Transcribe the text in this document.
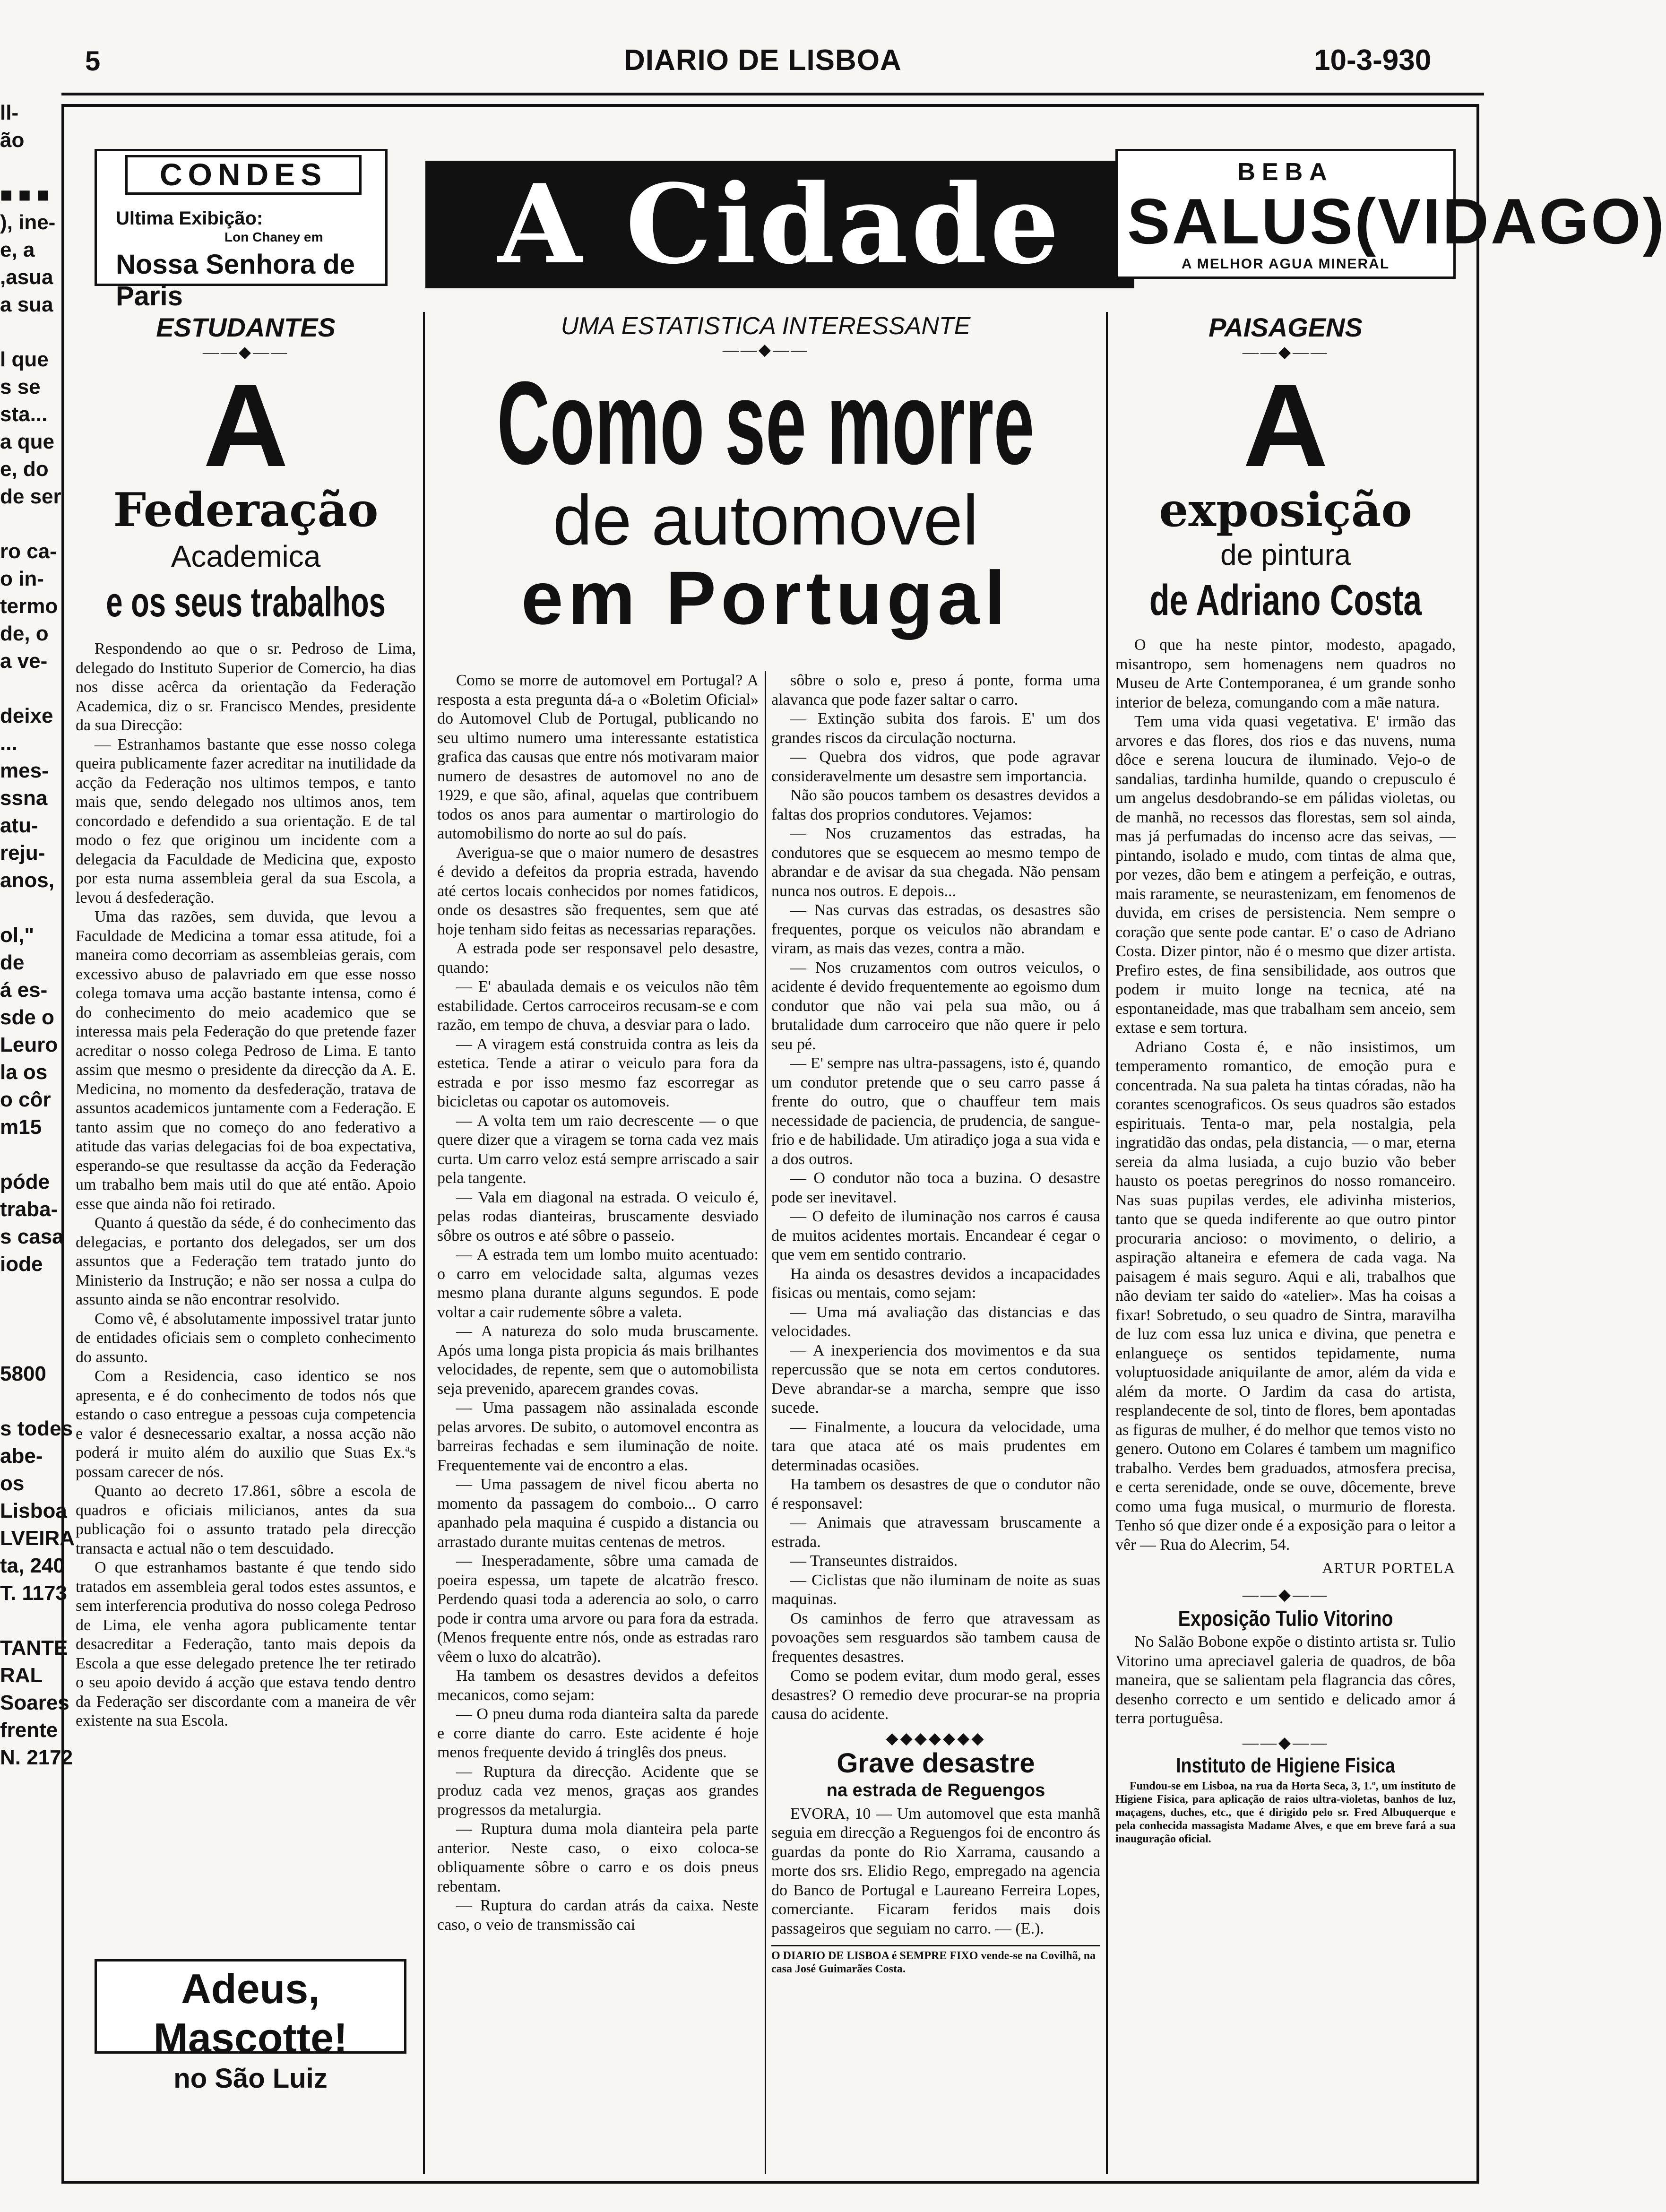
5	DIARIO DE LISBOA	10-3-930
ll-
ão

■ ■ ■
), ine-
e, a
,asua
a sua

l que
s se
sta...
a que
e, do
de ser

ro ca-
o in-
termo
de, o
a ve-

deixe
...
mes-
ssna
atu-
reju-
anos,

ol,"
de
á es-
sde o
Leuro
la os
o côr
m15

póde
traba-
s casa
iode

5800

s todes
abe-
os
Lisboa
LVEIRA
ta, 240
T. 1173

TANTE
RAL
Soares
frente
N. 2172
CONDES
Ultima Exibição:
Lon Chaney em
Nossa Senhora de Paris
A Cidade	BEBA
SALUS(VIDAGO)
A MELHOR AGUA MINERAL
ESTUDANTES
——◆——
A
Federação
Academica
e os seus trabalhos

Respondendo ao que o sr. Pedroso de Lima, delegado do Instituto Superior de Comercio, ha dias nos disse acêrca da orientação da Federação Academica, diz o sr. Francisco Mendes, presidente da sua Direcção:

— Estranhamos bastante que esse nosso colega queira publicamente fazer acreditar na inutilidade da acção da Federação nos ultimos tempos, e tanto mais que, sendo delegado nos ultimos anos, tem concordado e defendido a sua orientação. E de tal modo o fez que originou um incidente com a delegacia da Faculdade de Medicina que, exposto por esta numa assembleia geral da sua Escola, a levou á desfederação.

Uma das razões, sem duvida, que levou a Faculdade de Medicina a tomar essa atitude, foi a maneira como decorriam as assembleias gerais, com excessivo abuso de palavriado em que esse nosso colega tomava uma acção bastante intensa, como é do conhecimento do meio academico que se interessa mais pela Federação do que pretende fazer acreditar o nosso colega Pedroso de Lima. E tanto assim que mesmo o presidente da direcção da A. E. Medicina, no momento da desfederação, tratava de assuntos academicos juntamente com a Federação. E tanto assim que no começo do ano federativo a atitude das varias delegacias foi de boa expectativa, esperando-se que resultasse da acção da Federação um trabalho bem mais util do que até então. Apoio esse que ainda não foi retirado.

Quanto á questão da séde, é do conhecimento das delegacias, e portanto dos delegados, ser um dos assuntos que a Federação tem tratado junto do Ministerio da Instrução; e não ser nossa a culpa do assunto ainda se não encontrar resolvido.

Como vê, é absolutamente impossivel tratar junto de entidades oficiais sem o completo conhecimento do assunto.

Com a Residencia, caso identico se nos apresenta, e é do conhecimento de todos nós que estando o caso entregue a pessoas cuja competencia e valor é desnecessario exaltar, a nossa acção não poderá ir muito além do auxilio que Suas Ex.ªs possam carecer de nós.

Quanto ao decreto 17.861, sôbre a escola de quadros e oficiais milicianos, antes da sua publicação foi o assunto tratado pela direcção transacta e actual não o tem descuidado.

O que estranhamos bastante é que tendo sido tratados em assembleia geral todos estes assuntos, e sem interferencia produtiva do nosso colega Pedroso de Lima, ele venha agora publicamente tentar desacreditar a Federação, tanto mais depois da Escola a que esse delegado pretence lhe ter retirado o seu apoio devido á acção que estava tendo dentro da Federação ser discordante com a maneira de vêr existente na sua Escola.

Adeus, Mascotte!
no São Luiz
UMA ESTATISTICA INTERESSANTE
——◆——
Como se morre
de automovel
em Portugal

Como se morre de automovel em Portugal? A resposta a esta pregunta dá-a o «Boletim Oficial» do Automovel Club de Portugal, publicando no seu ultimo numero uma interessante estatistica grafica das causas que entre nós motivaram maior numero de desastres de automovel no ano de 1929, e que são, afinal, aquelas que contribuem todos os anos para aumentar o martirologio do automobilismo do norte ao sul do país.

Averigua-se que o maior numero de desastres é devido a defeitos da propria estrada, havendo até certos locais conhecidos por nomes fatidicos, onde os desastres são frequentes, sem que até hoje tenham sido feitas as necessarias reparações.

A estrada pode ser responsavel pelo desastre, quando:

— E' abaulada demais e os veiculos não têm estabilidade. Certos carroceiros recusam-se e com razão, em tempo de chuva, a desviar para o lado.

— A viragem está construida contra as leis da estetica. Tende a atirar o veiculo para fora da estrada e por isso mesmo faz escorregar as bicicletas ou capotar os automoveis.

— A volta tem um raio decrescente — o que quere dizer que a viragem se torna cada vez mais curta. Um carro veloz está sempre arriscado a sair pela tangente.

— Vala em diagonal na estrada. O veiculo é, pelas rodas dianteiras, bruscamente desviado sôbre os outros e até sôbre o passeio.

— A estrada tem um lombo muito acentuado: o carro em velocidade salta, algumas vezes mesmo plana durante alguns segundos. E pode voltar a cair rudemente sôbre a valeta.

— A natureza do solo muda bruscamente. Após uma longa pista propicia ás mais brilhantes velocidades, de repente, sem que o automobilista seja prevenido, aparecem grandes covas.

— Uma passagem não assinalada esconde pelas arvores. De subito, o automovel encontra as barreiras fechadas e sem iluminação de noite. Frequentemente vai de encontro a elas.

— Uma passagem de nivel ficou aberta no momento da passagem do comboio... O carro apanhado pela maquina é cuspido a distancia ou arrastado durante muitas centenas de metros.

— Inesperadamente, sôbre uma camada de poeira espessa, um tapete de alcatrão fresco. Perdendo quasi toda a aderencia ao solo, o carro pode ir contra uma arvore ou para fora da estrada. (Menos frequente entre nós, onde as estradas raro vêem o luxo do alcatrão).

Ha tambem os desastres devidos a defeitos mecanicos, como sejam:

— O pneu duma roda dianteira salta da parede e corre diante do carro. Este acidente é hoje menos frequente devido á tringlês dos pneus.

— Ruptura da direcção. Acidente que se produz cada vez menos, graças aos grandes progressos da metalurgia.

— Ruptura duma mola dianteira pela parte anterior. Neste caso, o eixo coloca-se obliquamente sôbre o carro e os dois pneus rebentam.

— Ruptura do cardan atrás da caixa. Neste caso, o veio de transmissão cai

sôbre o solo e, preso á ponte, forma uma alavanca que pode fazer saltar o carro.

— Extinção subita dos farois. E' um dos grandes riscos da circulação nocturna.

— Quebra dos vidros, que pode agravar consideravelmente um desastre sem importancia.

Não são poucos tambem os desastres devidos a faltas dos proprios condutores. Vejamos:

— Nos cruzamentos das estradas, ha condutores que se esquecem ao mesmo tempo de abrandar e de avisar da sua chegada. Não pensam nunca nos outros. E depois...

— Nas curvas das estradas, os desastres são frequentes, porque os veiculos não abrandam e viram, as mais das vezes, contra a mão.

— Nos cruzamentos com outros veiculos, o acidente é devido frequentemente ao egoismo dum condutor que não vai pela sua mão, ou á brutalidade dum carroceiro que não quere ir pelo seu pé.

— E' sempre nas ultra-passagens, isto é, quando um condutor pretende que o seu carro passe á frente do outro, que o chauffeur tem mais necessidade de paciencia, de prudencia, de sangue-frio e de habilidade. Um atiradiço joga a sua vida e a dos outros.

— O condutor não toca a buzina. O desastre pode ser inevitavel.

— O defeito de iluminação nos carros é causa de muitos acidentes mortais. Encandear é cegar o que vem em sentido contrario.

Ha ainda os desastres devidos a incapacidades fisicas ou mentais, como sejam:

— Uma má avaliação das distancias e das velocidades.

— A inexperiencia dos movimentos e da sua repercussão que se nota em certos condutores. Deve abrandar-se a marcha, sempre que isso sucede.

— Finalmente, a loucura da velocidade, uma tara que ataca até os mais prudentes em determinadas ocasiões.

Ha tambem os desastres de que o condutor não é responsavel:

— Animais que atravessam bruscamente a estrada.

— Transeuntes distraidos.

— Ciclistas que não iluminam de noite as suas maquinas.

Os caminhos de ferro que atravessam as povoações sem resguardos são tambem causa de frequentes desastres.

Como se podem evitar, dum modo geral, esses desastres? O remedio deve procurar-se na propria causa do acidente.

◆◆◆◆◆◆◆
Grave desastre
na estrada de Reguengos
EVORA, 10 — Um automovel que esta manhã seguia em direcção a Reguengos foi de encontro ás guardas da ponte do Rio Xarrama, causando a morte dos srs. Elidio Rego, empregado na agencia do Banco de Portugal e Laureano Ferreira Lopes, comerciante. Ficaram feridos mais dois passageiros que seguiam no carro. — (E.).
O DIARIO DE LISBOA é SEMPRE FIXO vende-se na Covilhã, na casa José Guimarães Costa.
PAISAGENS
——◆——
A
exposição
de pintura
de Adriano Costa

O que ha neste pintor, modesto, apagado, misantropo, sem homenagens nem quadros no Museu de Arte Contemporanea, é um grande sonho interior de beleza, comungando com a mãe natura.

Tem uma vida quasi vegetativa. E' irmão das arvores e das flores, dos rios e das nuvens, numa dôce e serena loucura de iluminado. Vejo-o de sandalias, tardinha humilde, quando o crepusculo é um angelus desdobrando-se em pálidas violetas, ou de manhã, no recessos das florestas, sem sol ainda, mas já perfumadas do incenso acre das seivas, — pintando, isolado e mudo, com tintas de alma que, por vezes, dão bem e atingem a perfeição, e outras, mais raramente, se neurastenizam, em fenomenos de duvida, em crises de persistencia. Nem sempre o coração que sente pode cantar. E' o caso de Adriano Costa. Dizer pintor, não é o mesmo que dizer artista. Prefiro estes, de fina sensibilidade, aos outros que podem ir muito longe na tecnica, até na espontaneidade, mas que trabalham sem anceio, sem extase e sem tortura.

Adriano Costa é, e não insistimos, um temperamento romantico, de emoção pura e concentrada. Na sua paleta ha tintas córadas, não ha corantes scenograficos. Os seus quadros são estados espirituais. Tenta-o mar, pela nostalgia, pela ingratidão das ondas, pela distancia, — o mar, eterna sereia da alma lusiada, a cujo buzio vão beber hausto os poetas peregrinos do nosso romanceiro. Nas suas pupilas verdes, ele adivinha misterios, tanto que se queda indiferente ao que outro pintor procuraria ancioso: o movimento, o delirio, a aspiração altaneira e efemera de cada vaga. Na paisagem é mais seguro. Aqui e ali, trabalhos que não deviam ter saido do «atelier». Mas ha coisas a fixar! Sobretudo, o seu quadro de Sintra, maravilha de luz com essa luz unica e divina, que penetra e enlangueçe os sentidos tepidamente, numa voluptuosidade aniquilante de amor, além da vida e além da morte. O Jardim da casa do artista, resplandecente de sol, tinto de flores, bem apontadas as figuras de mulher, é do melhor que temos visto no genero. Outono em Colares é tambem um magnifico trabalho. Verdes bem graduados, atmosfera precisa, e certa serenidade, onde se ouve, dôcemente, breve como uma fuga musical, o murmurio de floresta. Tenho só que dizer onde é a exposição para o leitor a vêr — Rua do Alecrim, 54.

ARTUR PORTELA
——◆——
Exposição Tulio Vitorino
No Salão Bobone expõe o distinto artista sr. Tulio Vitorino uma apreciavel galeria de quadros, de bôa maneira, que se salientam pela flagrancia das côres, desenho correcto e um sentido e delicado amor á terra portuguêsa.
——◆——
Instituto de Higiene Fisica
Fundou-se em Lisboa, na rua da Horta Seca, 3, 1.º, um instituto de Higiene Fisica, para aplicação de raios ultra-violetas, banhos de luz, maçagens, duches, etc., que é dirigido pelo sr. Fred Albuquerque e pela conhecida massagista Madame Alves, e que em breve fará a sua inauguração oficial.
